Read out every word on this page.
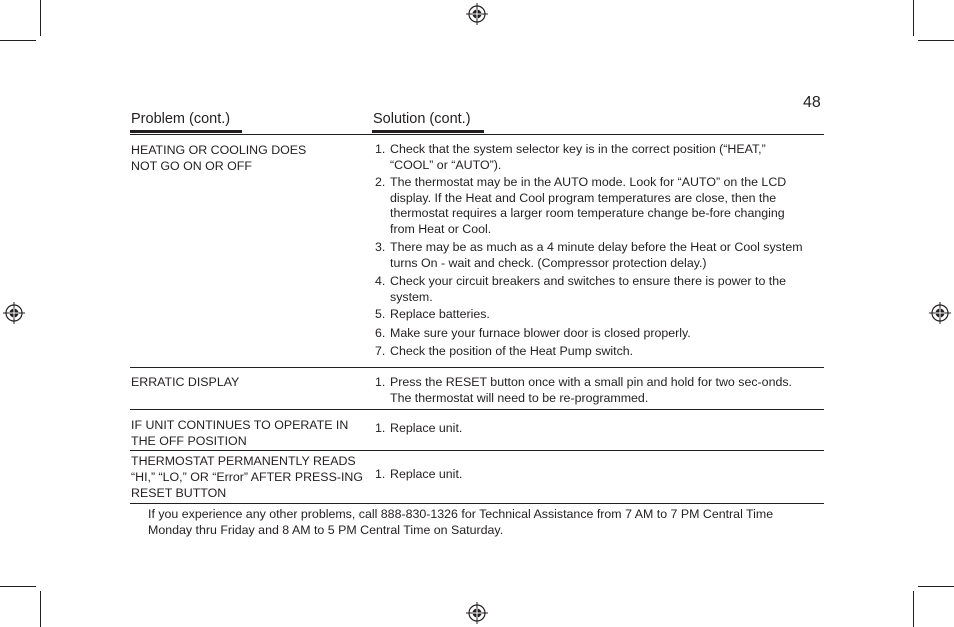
48
Problem (cont.)	Solution (cont.)
HEATING OR COOLING DOES NOT GO ON OR OFF
1. Check that the system selector key is in the correct position (“HEAT,” “COOL” or “AUTO”).
2. The thermostat may be in the AUTO mode. Look for “AUTO” on the LCD display. If the Heat and Cool program temperatures are close, then the thermostat requires a larger room temperature change be-fore changing from Heat or Cool.
3. There may be as much as a 4 minute delay before the Heat or Cool system turns On - wait and check. (Compressor protection delay.)
4. Check your circuit breakers and switches to ensure there is power to the system.
5. Replace batteries.
6. Make sure your furnace blower door is closed properly.
7. Check the position of the Heat Pump switch.
ERRATIC DISPLAY	1. Press the RESET button once with a small pin and hold for two sec-onds. The thermostat will need to be re-programmed.
IF UNIT CONTINUES TO OPERATE IN THE OFF POSITION
1. Replace unit.
THERMOSTAT PERMANENTLY READS “HI,” “LO,” OR “Error” AFTER PRESS-ING RESET BUTTON
1. Replace unit.
If you experience any other problems, call 888-830-1326 for Technical Assistance from 7 AM to 7 PM Central Time Monday thru Friday and 8 AM to 5 PM Central Time on Saturday.
